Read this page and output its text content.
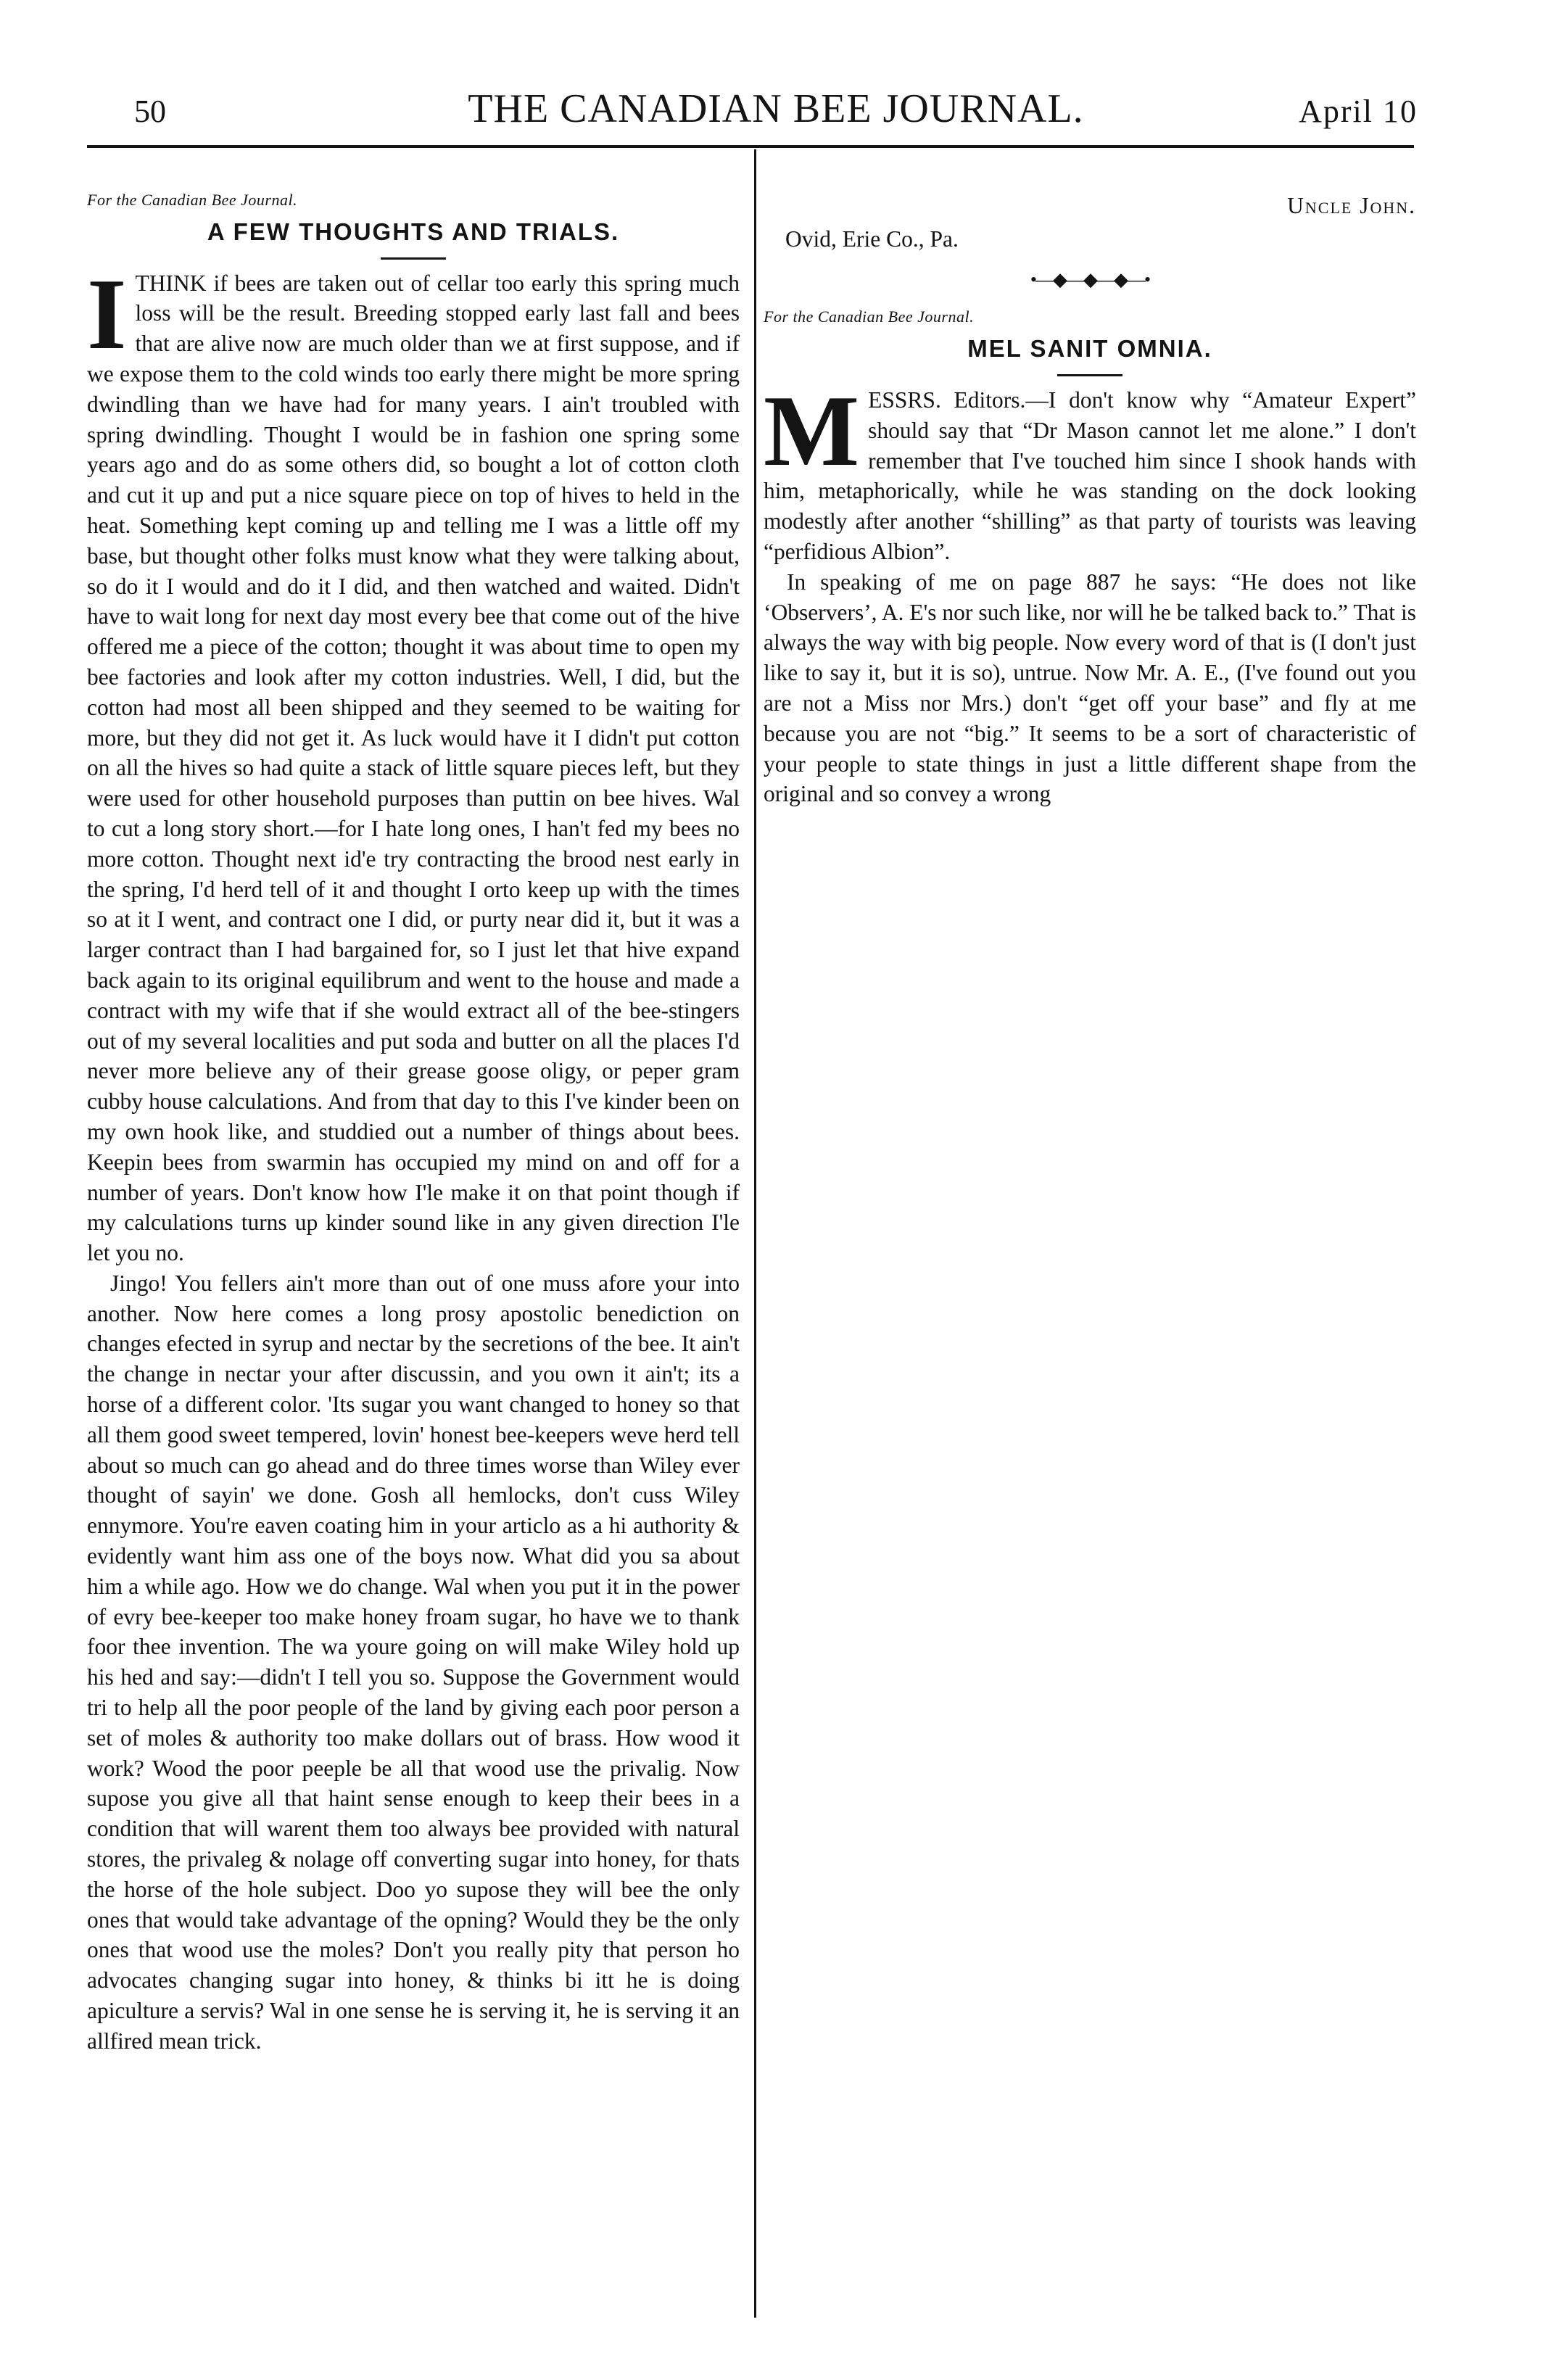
50	THE CANADIAN BEE JOURNAL.	April 10
For the Canadian Bee Journal.
A FEW THOUGHTS AND TRIALS.

ITHINK if bees are taken out of cellar too early this spring much loss will be the result. Breeding stopped early last fall and bees that are alive now are much older than we at first suppose, and if we expose them to the cold winds too early there might be more spring dwindling than we have had for many years. I ain't troubled with spring dwindling. Thought I would be in fashion one spring some years ago and do as some others did, so bought a lot of cotton cloth and cut it up and put a nice square piece on top of hives to held in the heat. Something kept coming up and telling me I was a little off my base, but thought other folks must know what they were talking about, so do it I would and do it I did, and then watched and waited. Didn't have to wait long for next day most every bee that come out of the hive offered me a piece of the cotton; thought it was about time to open my bee factories and look after my cotton industries. Well, I did, but the cotton had most all been shipped and they seemed to be waiting for more, but they did not get it. As luck would have it I didn't put cotton on all the hives so had quite a stack of little square pieces left, but they were used for other household purposes than puttin on bee hives. Wal to cut a long story short.—for I hate long ones, I han't fed my bees no more cotton. Thought next id'e try contracting the brood nest early in the spring, I'd herd tell of it and thought I orto keep up with the times so at it I went, and contract one I did, or purty near did it, but it was a larger contract than I had bargained for, so I just let that hive expand back again to its original equilibrum and went to the house and made a contract with my wife that if she would extract all of the bee-stingers out of my several localities and put soda and butter on all the places I'd never more believe any of their grease goose oligy, or peper gram cubby house calculations. And from that day to this I've kinder been on my own hook like, and studdied out a number of things about bees. Keepin bees from swarmin has occupied my mind on and off for a number of years. Don't know how I'le make it on that point though if my calculations turns up kinder sound like in any given direction I'le let you no.

Jingo! You fellers ain't more than out of one muss afore your into another. Now here comes a long prosy apostolic benediction on changes efected in syrup and nectar by the secretions of the bee. It ain't the change in nectar your after discussin, and you own it ain't; its a horse of a different color. 'Its sugar you want changed to honey so that all them good sweet tempered, lovin' honest bee-keepers weve herd tell about so much can go ahead and do three times worse than Wiley ever thought of sayin' we done. Gosh all hemlocks, don't cuss Wiley ennymore. You're eaven coating him in your articlo as a hi authority & evidently want him ass one of the boys now. What did you sa about him a while ago. How we do change. Wal when you put it in the power of evry bee-keeper too make honey froam sugar, ho have we to thank foor thee invention. The wa youre going on will make Wiley hold up his hed and say:—didn't I tell you so. Suppose the Government would tri to help all the poor people of the land by giving each poor person a set of moles & authority too make dollars out of brass. How wood it work? Wood the poor peeple be all that wood use the privalig. Now supose you give all that haint sense enough to keep their bees in a condition that will warent them too always bee provided with natural stores, the privaleg & nolage off converting sugar into honey, for thats the horse of the hole subject. Doo yo supose they will bee the only ones that would take advantage of the opning? Would they be the only ones that wood use the moles? Don't you really pity that person ho advocates changing sugar into honey, & thinks bi itt he is doing apiculture a servis? Wal in one sense he is serving it, he is serving it an allfired mean trick.

Uncle John.
Ovid, Erie Co., Pa.
•—◆—◆—◆—•
For the Canadian Bee Journal.
MEL SANIT OMNIA.

MESSRS. Editors.—I don't know why “Amateur Expert” should say that “Dr Mason cannot let me alone.” I don't remember that I've touched him since I shook hands with him, metaphorically, while he was standing on the dock looking modestly after another “shilling” as that party of tourists was leaving “perfidious Albion”.

In speaking of me on page 887 he says: “He does not like ‘Observers’, A. E's nor such like, nor will he be talked back to.” That is always the way with big people. Now every word of that is (I don't just like to say it, but it is so), untrue. Now Mr. A. E., (I've found out you are not a Miss nor Mrs.) don't “get off your base” and fly at me because you are not “big.” It seems to be a sort of characteristic of your people to state things in just a little different shape from the original and so convey a wrong
